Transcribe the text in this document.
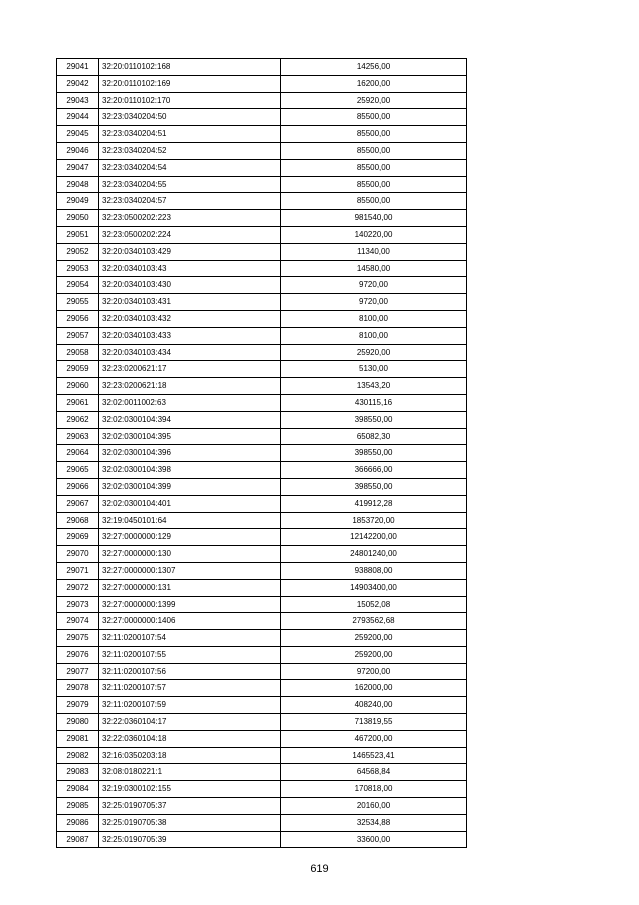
29041	32:20:0110102:168	14256,00
29042	32:20:0110102:169	16200,00
29043	32:20:0110102:170	25920,00
29044	32:23:0340204:50	85500,00
29045	32:23:0340204:51	85500,00
29046	32:23:0340204:52	85500,00
29047	32:23:0340204:54	85500,00
29048	32:23:0340204:55	85500,00
29049	32:23:0340204:57	85500,00
29050	32:23:0500202:223	981540,00
29051	32:23:0500202:224	140220,00
29052	32:20:0340103:429	11340,00
29053	32:20:0340103:43	14580,00
29054	32:20:0340103:430	9720,00
29055	32:20:0340103:431	9720,00
29056	32:20:0340103:432	8100,00
29057	32:20:0340103:433	8100,00
29058	32:20:0340103:434	25920,00
29059	32:23:0200621:17	5130,00
29060	32:23:0200621:18	13543,20
29061	32:02:0011002:63	430115,16
29062	32:02:0300104:394	398550,00
29063	32:02:0300104:395	65082,30
29064	32:02:0300104:396	398550,00
29065	32:02:0300104:398	366666,00
29066	32:02:0300104:399	398550,00
29067	32:02:0300104:401	419912,28
29068	32:19:0450101:64	1853720,00
29069	32:27:0000000:129	12142200,00
29070	32:27:0000000:130	24801240,00
29071	32:27:0000000:1307	938808,00
29072	32:27:0000000:131	14903400,00
29073	32:27:0000000:1399	15052,08
29074	32:27:0000000:1406	2793562,68
29075	32:11:0200107:54	259200,00
29076	32:11:0200107:55	259200,00
29077	32:11:0200107:56	97200,00
29078	32:11:0200107:57	162000,00
29079	32:11:0200107:59	408240,00
29080	32:22:0360104:17	713819,55
29081	32:22:0360104:18	467200,00
29082	32:16:0350203:18	1465523,41
29083	32:08:0180221:1	64568,84
29084	32:19:0300102:155	170818,00
29085	32:25:0190705:37	20160,00
29086	32:25:0190705:38	32534,88
29087	32:25:0190705:39	33600,00
619
